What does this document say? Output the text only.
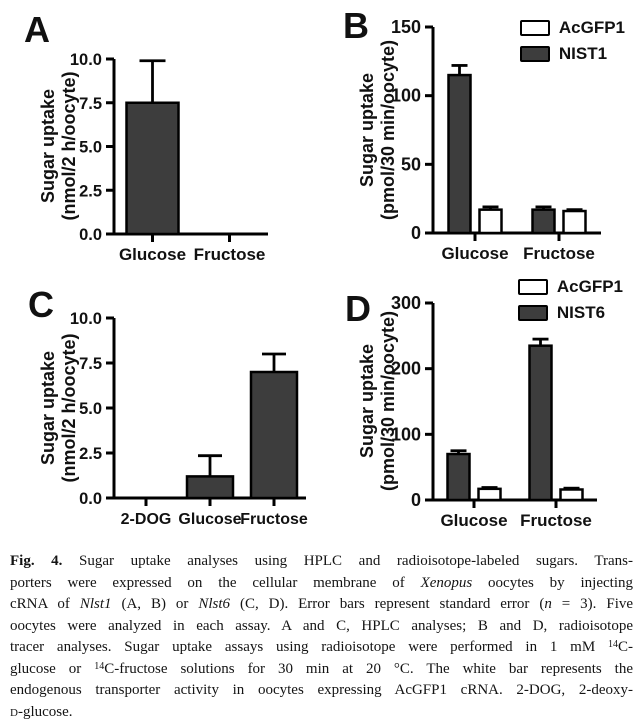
A
Sugar uptake (nmol/2 h/oocyte)
0.0
2.5
5.0
7.5
10.0
Glucose Fructose
B
Sugar uptake (pmol/30 min/oocyte)
0
50
100
150
Glucose Fructose
AcGFP1
NIST1
C
Sugar uptake (nmol/2 h/oocyte)
0.0
2.5
5.0
7.5
10.0
2-DOG Glucose
Fructose
D
Sugar uptake (pmol/30 min/oocyte)
0
100
200
300
Glucose Fructose
AcGFP1
NIST6
Fig. 4. Sugar uptake analyses using HPLC and radioisotope-labeled sugars. Trans-
porters were expressed on the cellular membrane of Xenopus oocytes by injecting
cRNA of Nlst1 (A, B) or Nlst6 (C, D). Error bars represent standard error (n = 3). Five
oocytes were analyzed in each assay. A and C, HPLC analyses; B and D, radioisotope
tracer analyses. Sugar uptake assays using radioisotope were performed in 1 mM $^{14}$C-
glucose or $^{14}$C-fructose solutions for 30 min at 20 °C. The white bar represents the
endogenous transporter activity in oocytes expressing AcGFP1 cRNA. 2-DOG, 2-deoxy-
d-glucose.
